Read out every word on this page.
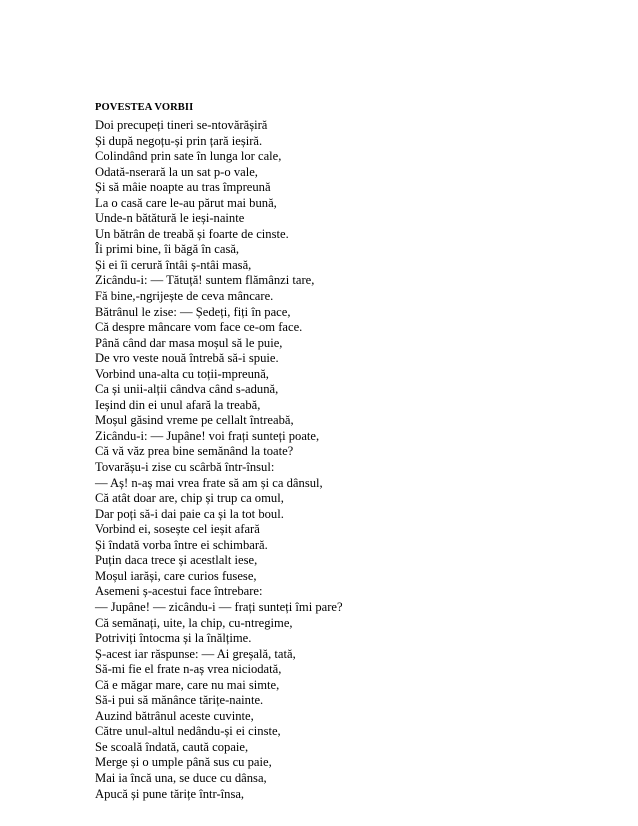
POVESTEA VORBII
Doi precupeți tineri se-ntovărășiră
Și după negoțu-și prin țară ieșiră.
Colindând prin sate în lunga lor cale,
Odată-nserară la un sat p-o vale,
Și să mâie noapte au tras împreună
La o casă care le-au părut mai bună,
Unde-n bătătură le ieși-nainte
Un bătrân de treabă și foarte de cinste.
Îi primi bine, îi băgă în casă,
Și ei îi cerură întâi ș-ntâi masă,
Zicându-i: — Tătuță! suntem flămânzi tare,
Fă bine,-ngrijește de ceva mâncare.
Bătrânul le zise: — Ședeți, fiți în pace,
Că despre mâncare vom face ce-om face.
Până când dar masa moșul să le puie,
De vro veste nouă întrebă să-i spuie.
Vorbind una-alta cu toții-mpreună,
Ca și unii-alții cândva când s-adună,
Ieșind din ei unul afară la treabă,
Moșul găsind vreme pe cellalt întreabă,
Zicându-i: — Jupâne! voi frați sunteți poate,
Că vă văz prea bine semănând la toate?
Tovarășu-i zise cu scârbă într-însul:
— Aș! n-aș mai vrea frate să am și ca dânsul,
Că atât doar are, chip și trup ca omul,
Dar poți să-i dai paie ca și la tot boul.
Vorbind ei, sosește cel ieșit afară
Și îndată vorba între ei schimbară.
Puțin daca trece și acestlalt iese,
Moșul iarăși, care curios fusese,
Asemeni ș-acestui face întrebare:
— Jupâne! — zicându-i — frați sunteți îmi pare?
Că semănați, uite, la chip, cu-ntregime,
Potriviți întocma și la înălțime.
Ș-acest iar răspunse: — Ai greșală, tată,
Să-mi fie el frate n-aș vrea niciodată,
Că e măgar mare, care nu mai simte,
Să-i pui să mănânce tărițe-nainte.
Auzind bătrânul aceste cuvinte,
Către unul-altul nedându-și ei cinste,
Se scoală îndată, caută copaie,
Merge și o umple până sus cu paie,
Mai ia încă una, se duce cu dânsa,
Apucă și pune tărițe într-însa,
